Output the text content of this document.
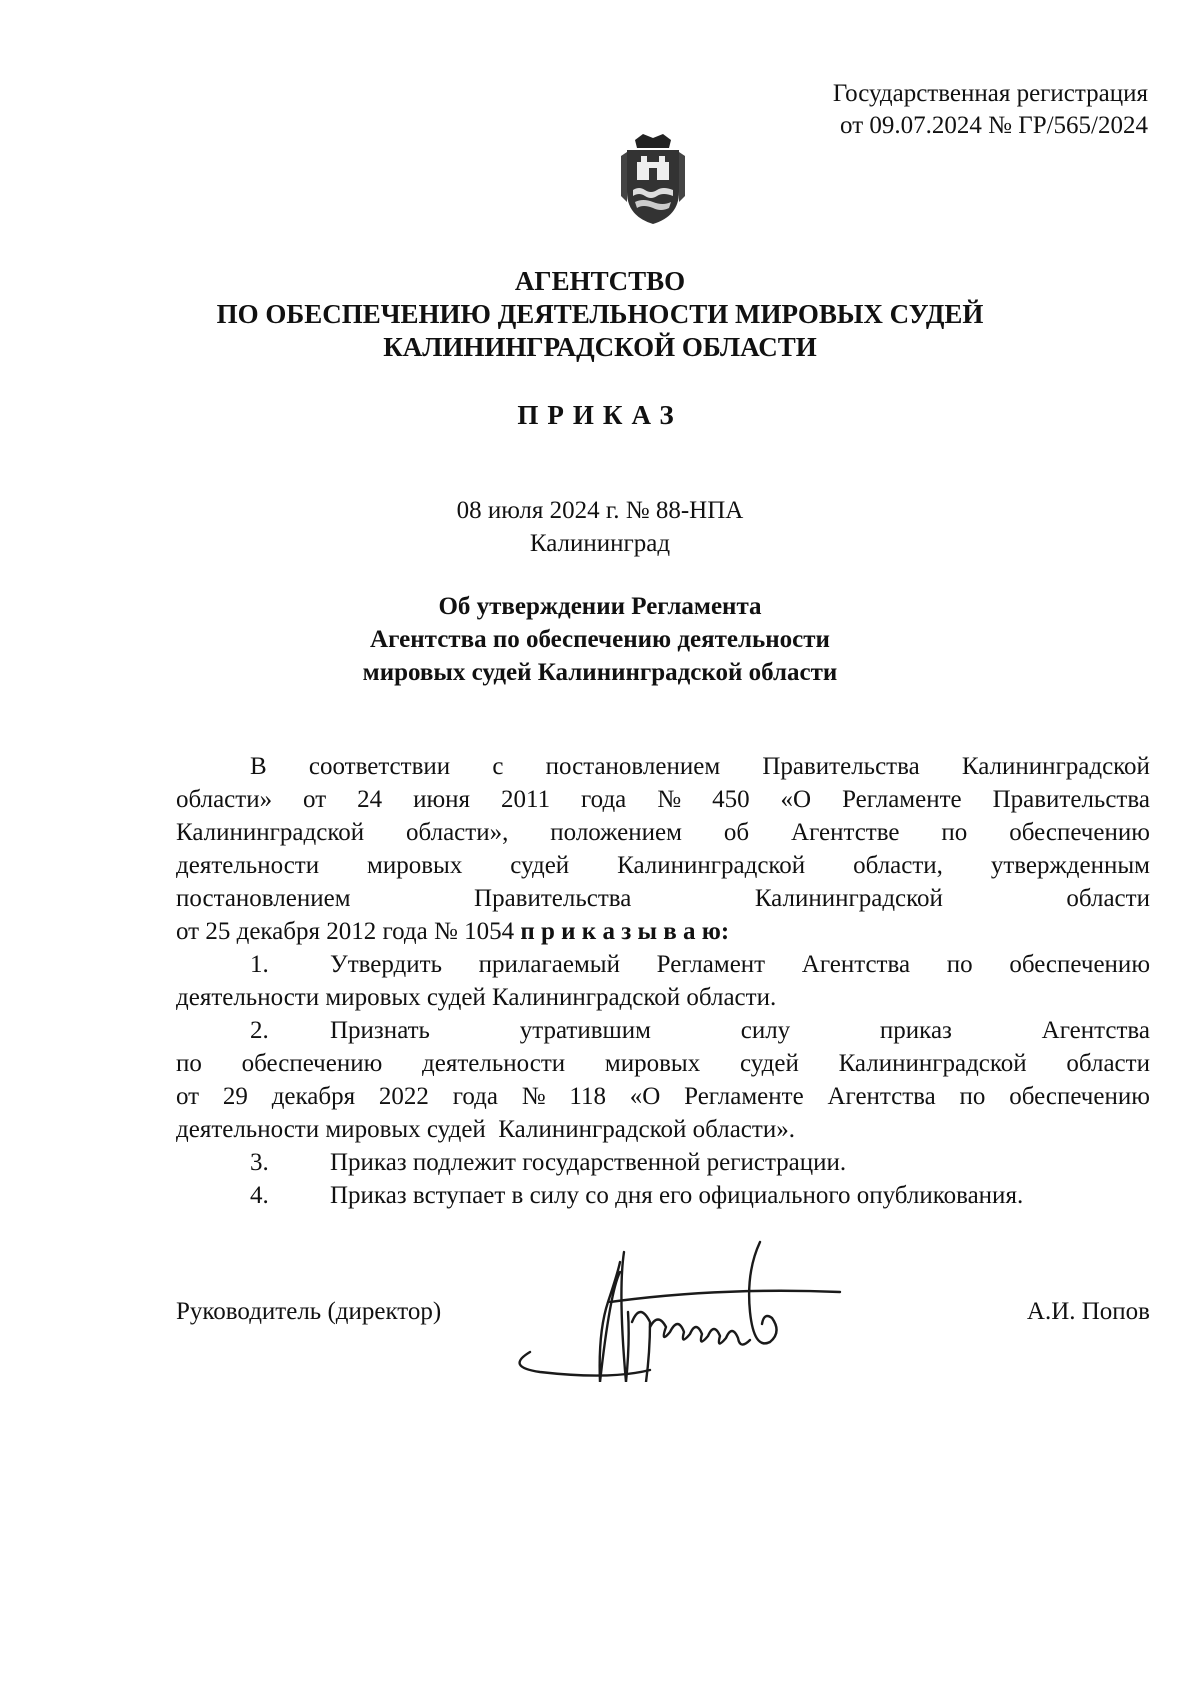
Государственная регистрация
от 09.07.2024 № ГР/565/2024
АГЕНТСТВО
ПО ОБЕСПЕЧЕНИЮ ДЕЯТЕЛЬНОСТИ МИРОВЫХ СУДЕЙ
КАЛИНИНГРАДСКОЙ ОБЛАСТИ
ПРИКАЗ
08 июля 2024 г. № 88-НПА
Калининград
Об утверждении Регламента
Агентства по обеспечению деятельности
мировых судей Калининградской области
В соответствии с постановлением Правительства Калининградской
области» от 24 июня 2011 года № 450 «О Регламенте Правительства
Калининградской области», положением об Агентстве по обеспечению
деятельности мировых судей Калининградской области, утвержденным
постановлением	Правительства	Калининградской	области
от 25 декабря 2012 года № 1054
п р и к а з ы в а ю:
1.	Утвердить прилагаемый Регламент Агентства по обеспечению
деятельности мировых судей Калининградской области.
2.	Признать	утратившим	силу	приказ	Агентства
по обеспечению деятельности мировых судей Калининградской области
от 29 декабря 2022 года № 118 «О Регламенте Агентства по обеспечению
деятельности мировых судей  Калининградской области».
3.	Приказ подлежит государственной регистрации.
4.	Приказ вступает в силу со дня его официального опубликования.
Руководитель (директор)	А.И. Попов
